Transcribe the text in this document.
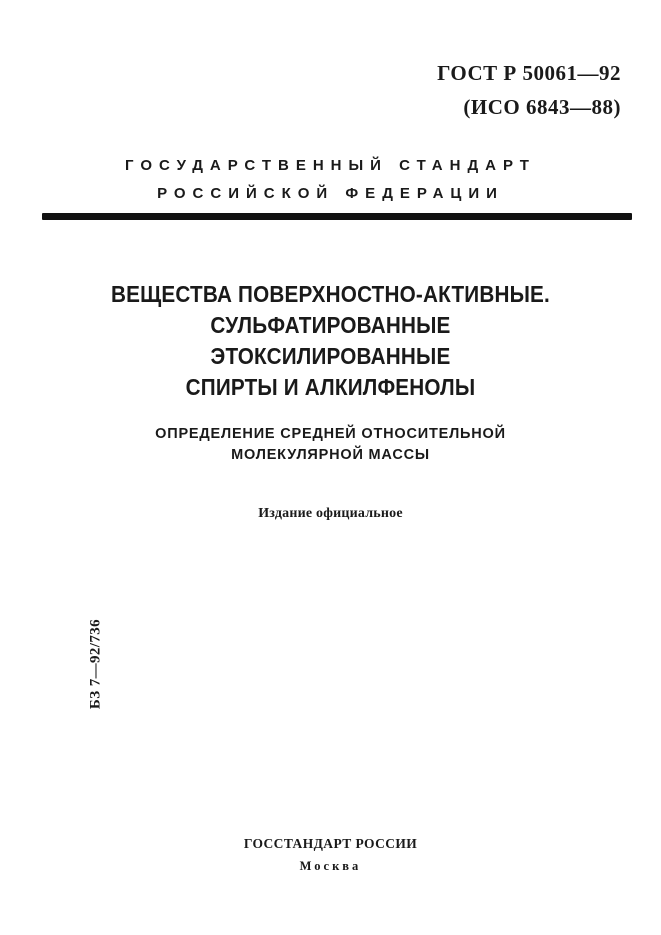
ГОСТ Р 50061—92
(ИСО 6843—88)
ГОСУДАРСТВЕННЫЙ СТАНДАРТ
РОССИЙСКОЙ ФЕДЕРАЦИИ
ВЕЩЕСТВА ПОВЕРХНОСТНО-АКТИВНЫЕ.
СУЛЬФАТИРОВАННЫЕ
ЭТОКСИЛИРОВАННЫЕ
СПИРТЫ И АЛКИЛФЕНОЛЫ
ОПРЕДЕЛЕНИЕ СРЕДНЕЙ ОТНОСИТЕЛЬНОЙ
МОЛЕКУЛЯРНОЙ МАССЫ
Издание официальное
БЗ 7—92/736
ГОССТАНДАРТ РОССИИ
Москва
